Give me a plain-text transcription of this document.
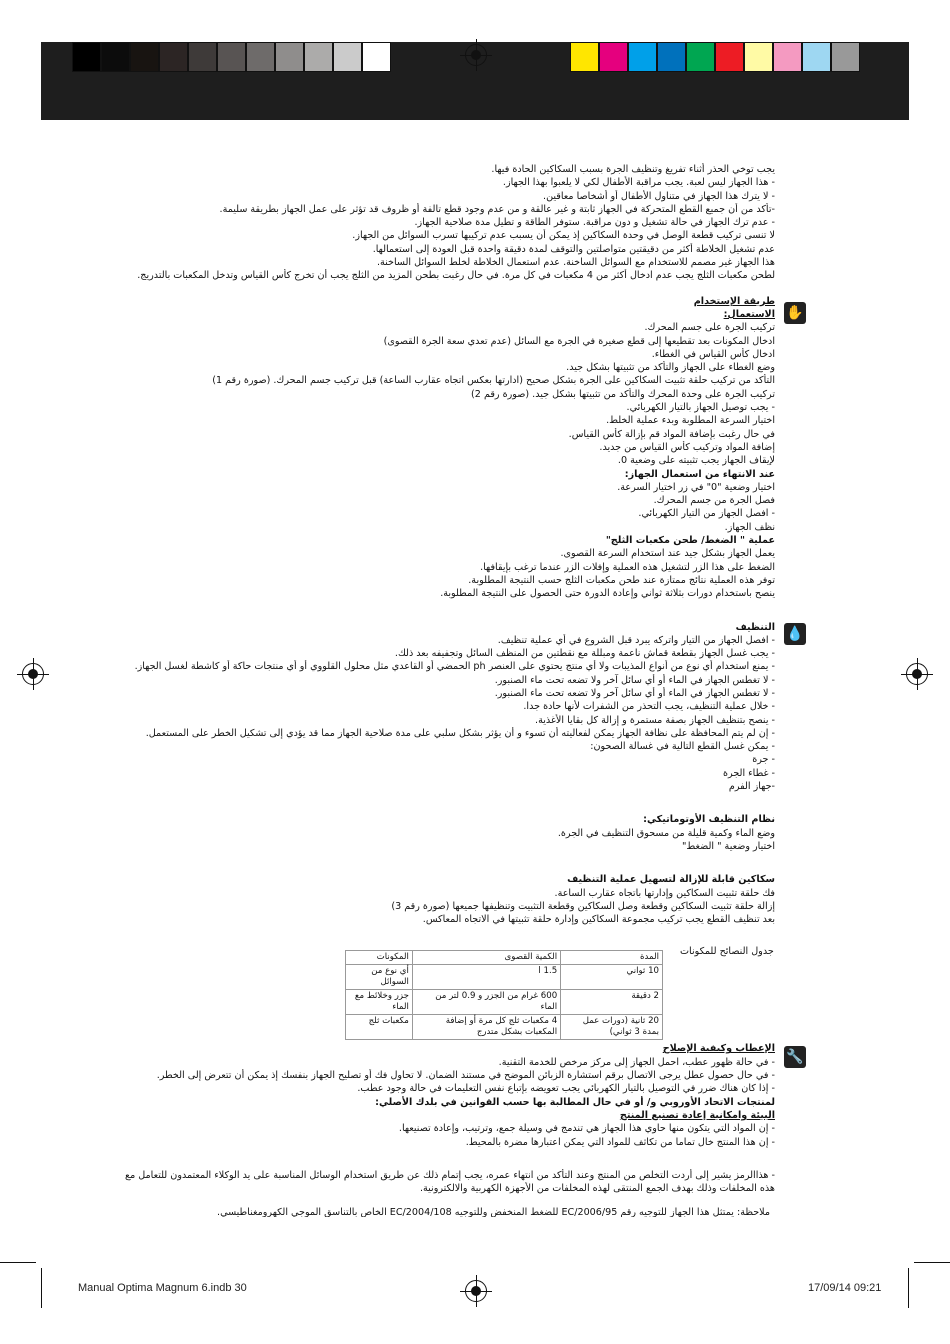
✋
💧
🔧

يجب توخي الحذر أثناء تفريغ وتنظيف الجرة بسبب السكاكين الحادة فيها.

- هذا الجهاز ليس لعبة. يجب مراقبة الأطفال لكي لا يلعبوا بهذا الجهاز.

- لا يترك هذا الجهاز في متناول الأطفال أو أشخاصا معاقين.

-تأكد من أن جميع القطع المتحركة في الجهاز ثابتة و غير عالقة و من عدم وجود قطع تالفة أو ظروف قد تؤثر على عمل الجهاز بطريقة سليمة.

- عدم ترك الجهاز في حالة تشغيل و دون مراقبة. ستوفر الطاقة و تطيل مدة صلاحية الجهاز.

لا تنسى تركيب قطعة الوصل في وحدة السكاكين إذ يمكن أن يسبب عدم تركيبها تسرب السوائل من الجهاز.

عدم تشغيل الخلاطة أكثر من دقيقتين متواصلتين والتوقف لمدة دقيقة واحدة قبل العودة إلى استعمالها.

هذا الجهاز غير مصمم للاستخدام مع السوائل الساخنة. عدم استعمال الخلاطة لخلط السوائل الساخنة.

لطحن مكعبات الثلج يجب عدم ادخال أكثر من 4 مكعبات في كل مرة. في حال رغبت بطحن المزيد من الثلج يجب أن تخرج كأس القياس وتدخل المكعبات بالتدريج.

طريقة الإستخدام

الاستعمال:

تركيب الجرة على جسم المحرك.

ادخال المكونات بعد تقطيعها إلى قطع صغيرة في الجرة مع السائل (عدم تعدي سعة الجرة القصوى)

ادخال كأس القياس في الغطاء.

وضع الغطاء على الجهاز والتأكد من تثبيتها بشكل جيد.

التأكد من تركيب حلقة تثبيت السكاكين على الجرة بشكل صحيح (ادارتها بعكس اتجاه عقارب الساعة) قبل تركيب جسم المحرك. (صورة رقم 1)

تركيب الجرة على وحدة المحرك والتأكد من تثبيتها بشكل جيد. (صورة رقم 2)

- يجب توصيل الجهاز بالتيار الكهربائي.

اختيار السرعة المطلوبة وبدء عملية الخلط.

في حال رغبت بإضافة المواد قم بإزالة كأس القياس.

إضافة المواد وتركيب كأس القياس من جديد.

لإيقاف الجهاز يجب تثبيته على وضعية 0.

عند الانتهاء من استعمال الجهاز:

اختيار وضعية "0" في زر اختيار السرعة.

فصل الجرة من جسم المحرك.

- افصل الجهاز من التيار الكهربائي.

نظف الجهاز.

عملية " الضغط/ طحن مكعبات الثلج"

يعمل الجهاز بشكل جيد عند استخدام السرعة القصوى.

الضغط على هذا الزر لتشغيل هذه العملية وإفلات الزر عندما ترغب بإيقافها.

توفر هذه العملية نتائج ممتازة عند طحن مكعبات الثلج حسب النتيجة المطلوبة.

ينصح باستخدام دورات بثلاثة ثواني وإعادة الدورة حتى الحصول على النتيجة المطلوبة.

التنظيف

- افصل الجهاز من التيار واتركه يبرد قبل الشروع في أي عملية تنظيف.

- يجب غسل الجهاز بقطعة قماش ناعمة ومبللة مع نقطتين من المنظف السائل وتجفيفه بعد ذلك.

- يمنع استخدام أي نوع من أنواع المذيبات ولا أي منتج يحتوي على العنصر ph الحمضي أو القاعدي مثل محلول القلووي أو أي منتجات حاكة أو كاشطة لغسل الجهاز.

- لا تغطس الجهاز في الماء أو أي سائل آخر ولا تضعه تحت ماء الصنبور.

- لا تغطس الجهاز في الماء أو أي سائل آخر ولا تضعه تحت ماء الصنبور.

- خلال عملية التنظيف، يجب التحذر من الشفرات لأنها حادة جدا.

- ينصح بتنظيف الجهاز بصفة مستمرة و إزالة كل بقايا الأغذية.

- إن لم يتم المحافظة على نظافة الجهاز يمكن لفعاليته أن تسوء و أن يؤثر بشكل سلبي على مدة صلاحية الجهاز مما قد يؤدي إلى تشكيل الخطر على المستعمل.

- يمكن غسل القطع التالية في غسالة الصحون:

- جرة

- غطاء الجرة

-جهاز الفرم

نظام التنظيف الأوتوماتيكي:

وضع الماء وكمية قليلة من مسحوق التنظيف في الجرة.

اختيار وضعية " الضغط"

سكاكين قابلة للإزالة لتسهيل عملية التنظيف

فك حلقة تثبيت السكاكين وإدارتها باتجاه عقارب الساعة.

إزالة حلقة تثبيت السكاكين وقطعة وصل السكاكين وقطعة التثبيت وتنظيفها جميعها (صورة رقم 3)

بعد تنظيف القطع يجب تركيب مجموعة السكاكين وإدارة حلقة تثبيتها في الاتجاه المعاكس.

الإعطاب وكيفية الإصلاح

- في حالة ظهور عطب، احمل الجهاز إلى مركز مرخص للخدمة التقنية.

- في حال حصول عطل يرجى الاتصال برقم استشارة الزبائن الموضح في مستند الضمان. لا تحاول فك أو تصليح الجهاز بنفسك إذ يمكن أن تتعرض إلى الخطر.

- إذا كان هناك ضرر في التوصيل بالتيار الكهربائي يجب تعويضه بإتباع نفس التعليمات في حالة وجود عطب.

لمنتجات الاتحاد الأوروبي و/ أو في حال المطالبة بها حسب القوانين في بلدك الأصلي:

البيئة وامكانية إعادة تصنيع المنتج

- إن المواد التي يتكون منها حاوي هذا الجهاز هي تندمج في وسيلة جمع، وترتيب، وإعادة تصنيعها.

- إن هذا المنتج خال تماما من تكاثف للمواد التي يمكن اعتبارها مضرة بالمحيط.

- هذاالرمز يشير إلى أردت التخلص من المنتج وعند التأكد من انتهاء عمره، يجب إتمام ذلك عن طريق استخدام الوسائل المناسبة على يد الوكلاء المعتمدون للتعامل مع

هذه المخلفات وذلك بهدف الجمع المنتقى لهذه المخلفات من الأجهزة الكهربية والالكترونية.

جدول النصائح للمكونات
المدة	الكمية القصوى	المكونات
10 ثواني	1.5 l	أي نوع من السوائل
2 دقيقة	600 غرام من الجزر و 0.9 لتر من الماء	جزر وخلائط مع الماء
20 ثانية (دورات عمل بمدة 3 ثواني)	4 مكعبات ثلج كل مرة أو إضافة المكعبات بشكل متدرج	مكعبات ثلج
ملاحظة: يمتثل هذا الجهاز للتوجيه رقم EC/2006/95 للضغط المنخفض وللتوجيه EC/2004/108 الخاص بالتناسق الموجي الكهرومغناطيسي.
Manual Optima Magnum 6.indb 30	17/09/14 09:21
